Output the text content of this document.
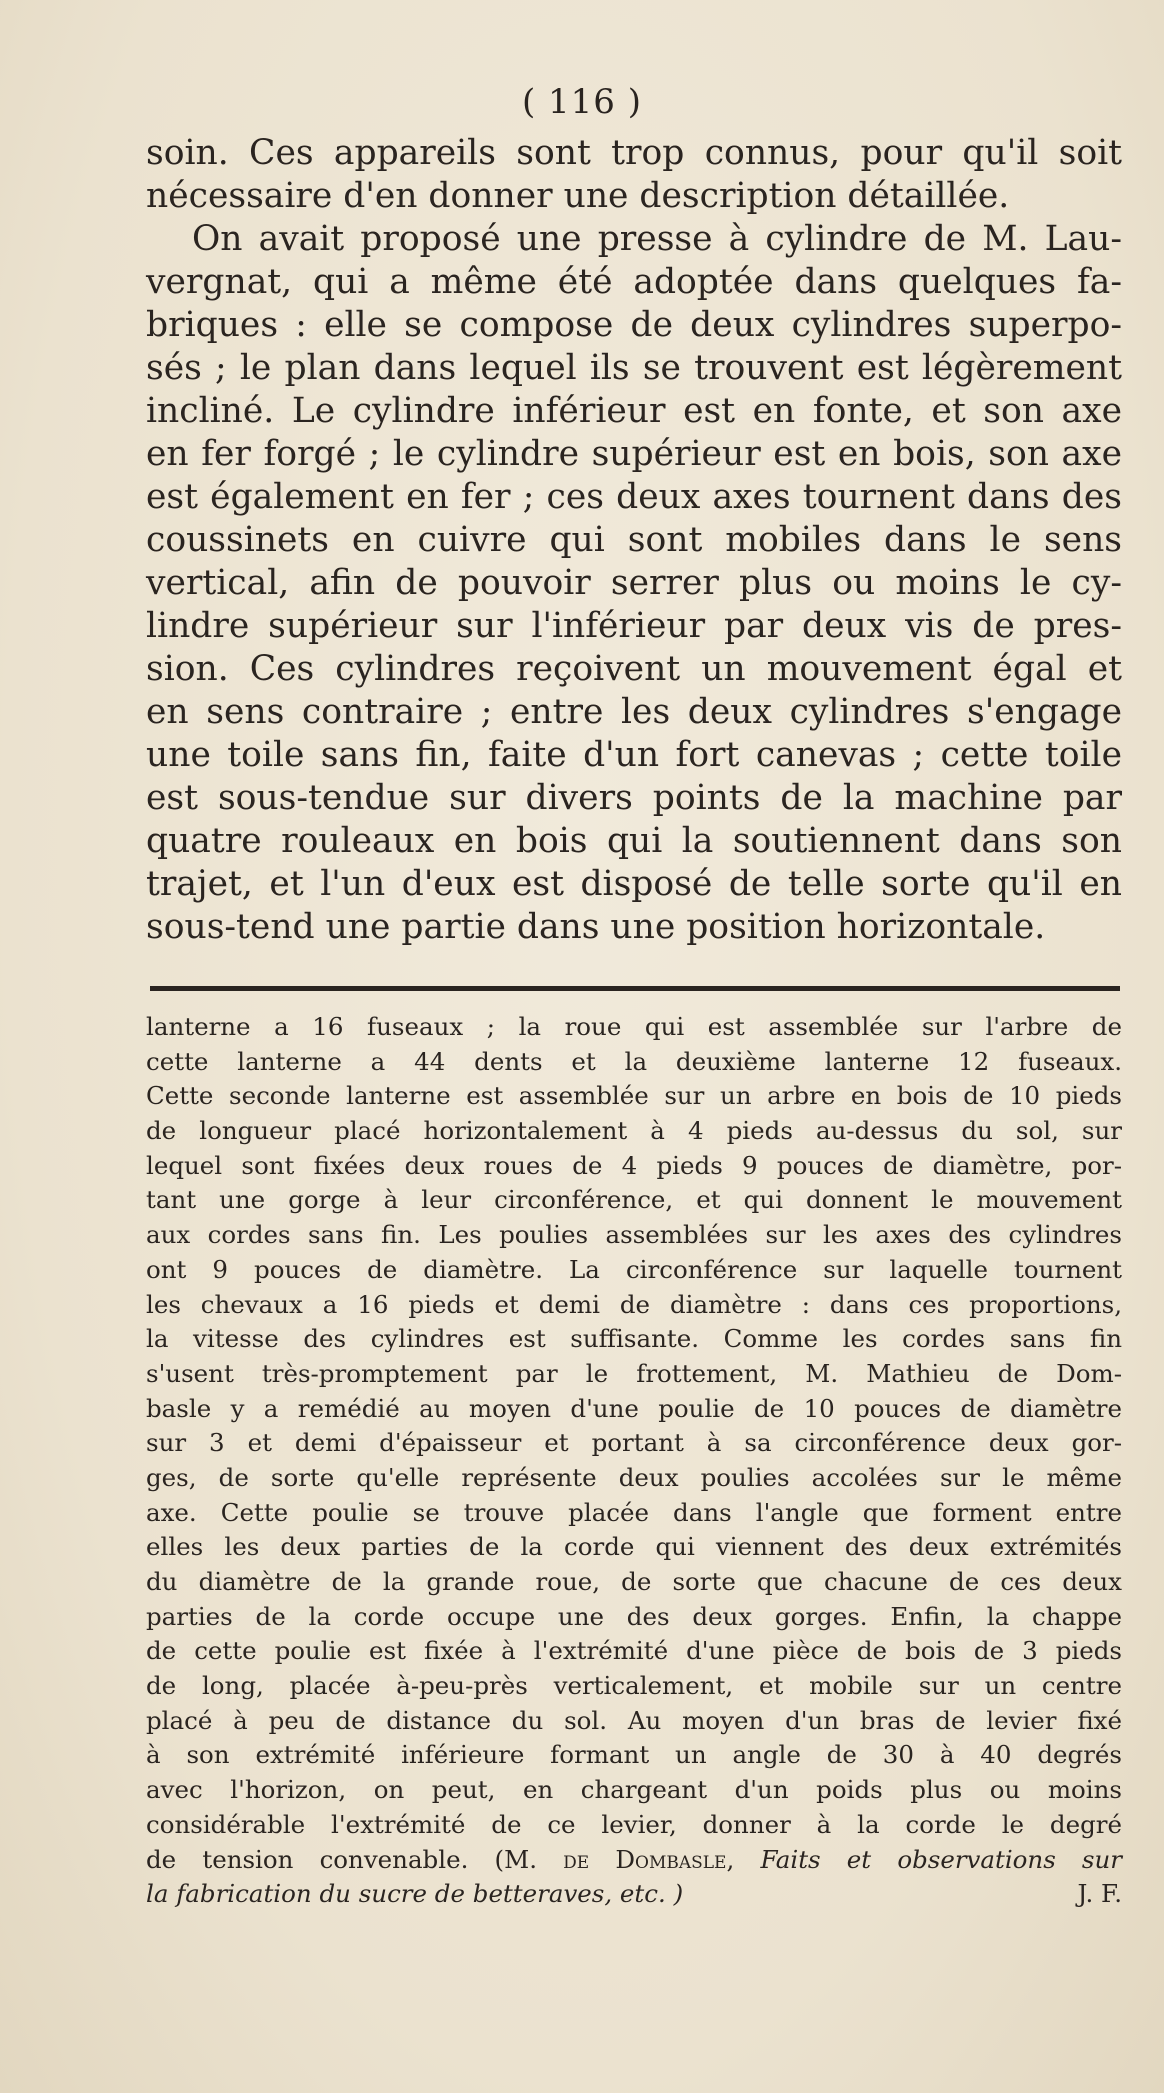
( 116 )
soin. Ces appareils sont trop connus, pour qu'il soit
nécessaire d'en donner une description détaillée.
On avait proposé une presse à cylindre de M. Lau-
vergnat, qui a même été adoptée dans quelques fa-
briques : elle se compose de deux cylindres superpo-
sés ; le plan dans lequel ils se trouvent est légèrement
incliné. Le cylindre inférieur est en fonte, et son axe
en fer forgé ; le cylindre supérieur est en bois, son axe
est également en fer ; ces deux axes tournent dans des
coussinets en cuivre qui sont mobiles dans le sens
vertical, afin de pouvoir serrer plus ou moins le cy-
lindre supérieur sur l'inférieur par deux vis de pres-
sion. Ces cylindres reçoivent un mouvement égal et
en sens contraire ; entre les deux cylindres s'engage
une toile sans fin, faite d'un fort canevas ; cette toile
est sous-tendue sur divers points de la machine par
quatre rouleaux en bois qui la soutiennent dans son
trajet, et l'un d'eux est disposé de telle sorte qu'il en
sous-tend une partie dans une position horizontale.
lanterne a 16 fuseaux ; la roue qui est assemblée sur l'arbre de
cette lanterne a 44 dents et la deuxième lanterne 12 fuseaux.
Cette seconde lanterne est assemblée sur un arbre en bois de 10 pieds
de longueur placé horizontalement à 4 pieds au-dessus du sol, sur
lequel sont fixées deux roues de 4 pieds 9 pouces de diamètre, por-
tant une gorge à leur circonférence, et qui donnent le mouvement
aux cordes sans fin. Les poulies assemblées sur les axes des cylindres
ont 9 pouces de diamètre. La circonférence sur laquelle tournent
les chevaux a 16 pieds et demi de diamètre : dans ces proportions,
la vitesse des cylindres est suffisante. Comme les cordes sans fin
s'usent très-promptement par le frottement, M. Mathieu de Dom-
basle y a remédié au moyen d'une poulie de 10 pouces de diamètre
sur 3 et demi d'épaisseur et portant à sa circonférence deux gor-
ges, de sorte qu'elle représente deux poulies accolées sur le même
axe. Cette poulie se trouve placée dans l'angle que forment entre
elles les deux parties de la corde qui viennent des deux extrémités
du diamètre de la grande roue, de sorte que chacune de ces deux
parties de la corde occupe une des deux gorges. Enfin, la chappe
de cette poulie est fixée à l'extrémité d'une pièce de bois de 3 pieds
de long, placée à-peu-près verticalement, et mobile sur un centre
placé à peu de distance du sol. Au moyen d'un bras de levier fixé
à son extrémité inférieure formant un angle de 30 à 40 degrés
avec l'horizon, on peut, en chargeant d'un poids plus ou moins
considérable l'extrémité de ce levier, donner à la corde le degré
de tension convenable. (M. de Dombasle, Faits et observations sur
la fabrication du sucre de betteraves, etc. )	J. F.
